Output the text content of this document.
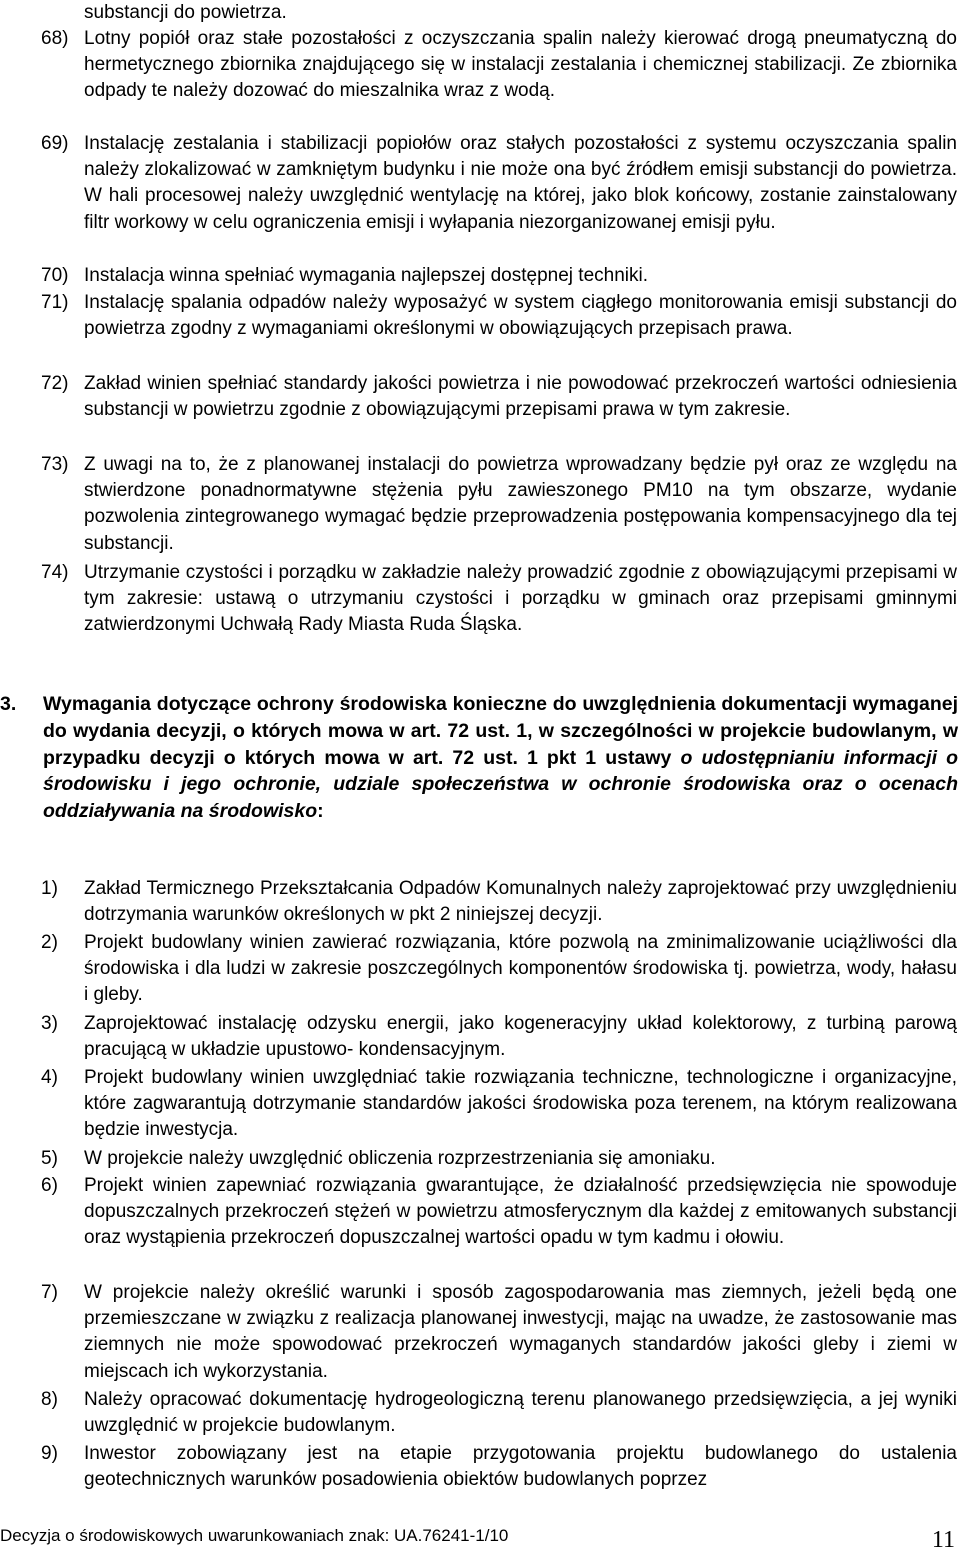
substancji do powietrza.

68) Lotny popiół oraz stałe pozostałości z oczyszczania spalin należy kierować drogą pneumatyczną do hermetycznego zbiornika znajdującego się w instalacji zestalania i chemicznej stabilizacji. Ze zbiornika odpady te należy dozować do mieszalnika wraz z wodą.
69) Instalację zestalania i stabilizacji popiołów oraz stałych pozostałości z systemu oczyszczania spalin należy zlokalizować w zamkniętym budynku i nie może ona być źródłem emisji substancji do powietrza. W hali procesowej należy uwzględnić wentylację na której, jako blok końcowy, zostanie zainstalowany filtr workowy w celu ograniczenia emisji i wyłapania niezorganizowanej emisji pyłu.
70) Instalacja winna spełniać wymagania najlepszej dostępnej techniki.
71) Instalację spalania odpadów należy wyposażyć w system ciągłego monitorowania emisji substancji do powietrza zgodny z wymaganiami określonymi w obowiązujących przepisach prawa.
72) Zakład winien spełniać standardy jakości powietrza i nie powodować przekroczeń wartości odniesienia substancji w powietrzu zgodnie z obowiązującymi przepisami prawa w tym zakresie.
73) Z uwagi na to, że z planowanej instalacji do powietrza wprowadzany będzie pył oraz ze względu na stwierdzone ponadnormatywne stężenia pyłu zawieszonego PM10 na tym obszarze, wydanie pozwolenia zintegrowanego wymagać będzie przeprowadzenia postępowania kompensacyjnego dla tej substancji.
74) Utrzymanie czystości i porządku w zakładzie należy prowadzić zgodnie z obowiązującymi przepisami w tym zakresie: ustawą o utrzymaniu czystości i porządku w gminach oraz przepisami gminnymi zatwierdzonymi Uchwałą Rady Miasta Ruda Śląska.
3.	Wymagania dotyczące ochrony środowiska konieczne do uwzględnienia dokumentacji wymaganej do wydania decyzji, o których mowa w art. 72 ust. 1, w szczególności w projekcie budowlanym, w przypadku decyzji o których mowa w art. 72 ust. 1 pkt 1 ustawy o udostępnianiu informacji o środowisku i jego ochronie, udziale społeczeństwa w ochronie środowiska oraz o ocenach oddziaływania na środowisko:
1)	Zakład Termicznego Przekształcania Odpadów Komunalnych należy zaprojektować przy uwzględnieniu dotrzymania warunków określonych w pkt 2 niniejszej decyzji.
2)	Projekt budowlany winien zawierać rozwiązania, które pozwolą na zminimalizowanie uciążliwości dla środowiska i dla ludzi w zakresie poszczególnych komponentów środowiska tj. powietrza, wody, hałasu i gleby.
3)	Zaprojektować instalację odzysku energii, jako kogeneracyjny układ kolektorowy, z turbiną parową pracującą w układzie upustowo- kondensacyjnym.
4)	Projekt budowlany winien uwzględniać takie rozwiązania techniczne, technologiczne i organizacyjne, które zagwarantują dotrzymanie standardów jakości środowiska poza terenem, na którym realizowana będzie inwestycja.
5)	W projekcie należy uwzględnić obliczenia rozprzestrzeniania się amoniaku.
6)	Projekt winien zapewniać rozwiązania gwarantujące, że działalność przedsięwzięcia nie spowoduje dopuszczalnych przekroczeń stężeń w powietrzu atmosferycznym dla każdej z emitowanych substancji oraz wystąpienia przekroczeń dopuszczalnej wartości opadu w tym kadmu i ołowiu.
7)	W projekcie należy określić warunki i sposób zagospodarowania mas ziemnych, jeżeli będą one przemieszczane w związku z realizacja planowanej inwestycji, mając na uwadze, że zastosowanie mas ziemnych nie może spowodować przekroczeń wymaganych standardów jakości gleby i ziemi w miejscach ich wykorzystania.
8)	Należy opracować dokumentację hydrogeologiczną terenu planowanego przedsięwzięcia, a jej wyniki uwzględnić w projekcie budowlanym.
9)	Inwestor zobowiązany jest na etapie przygotowania projektu budowlanego do ustalenia geotechnicznych warunków posadowienia obiektów budowlanych poprzez

Decyzja o środowiskowych uwarunkowaniach znak: UA.76241-1/10	11
